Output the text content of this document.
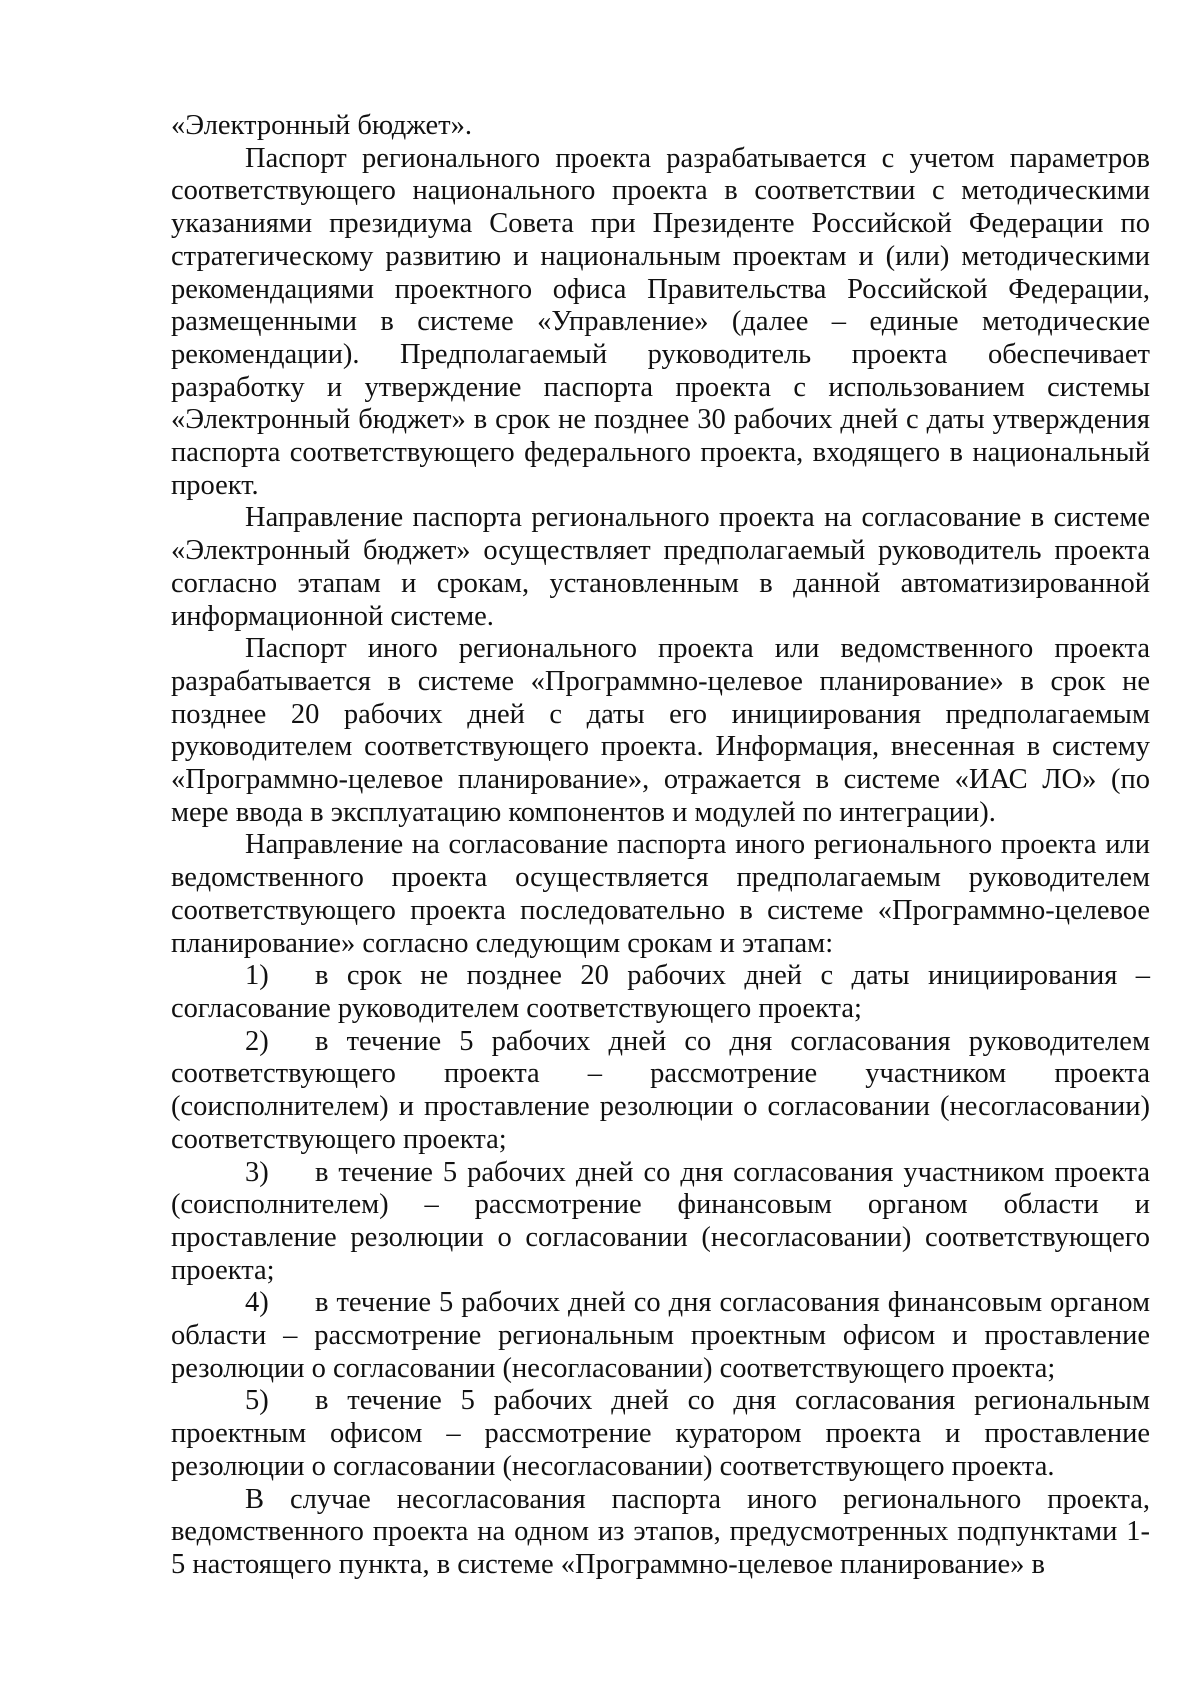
«Электронный бюджет».

Паспорт регионального проекта разрабатывается с учетом параметров соответствующего национального проекта в соответствии с методическими указаниями президиума Совета при Президенте Российской Федерации по стратегическому развитию и национальным проектам и (или) методическими рекомендациями проектного офиса Правительства Российской Федерации, размещенными в системе «Управление» (далее – единые методические рекомендации). Предполагаемый руководитель проекта обеспечивает разработку и утверждение паспорта проекта с использованием системы «Электронный бюджет» в срок не позднее 30 рабочих дней с даты утверждения паспорта соответствующего федерального проекта, входящего в национальный проект.

Направление паспорта регионального проекта на согласование в системе «Электронный бюджет» осуществляет предполагаемый руководитель проекта согласно этапам и срокам, установленным в данной автоматизированной информационной системе.

Паспорт иного регионального проекта или ведомственного проекта разрабатывается в системе «Программно-целевое планирование» в срок не позднее 20 рабочих дней с даты его инициирования предполагаемым руководителем соответствующего проекта. Информация, внесенная в систему «Программно-целевое планирование», отражается в системе «ИАС ЛО» (по мере ввода в эксплуатацию компонентов и модулей по интеграции).

Направление на согласование паспорта иного регионального проекта или ведомственного проекта осуществляется предполагаемым руководителем соответствующего проекта последовательно в системе «Программно-целевое планирование» согласно следующим срокам и этапам:

1) в срок не позднее 20 рабочих дней с даты инициирования – согласование руководителем соответствующего проекта;

2) в течение 5 рабочих дней со дня согласования руководителем соответствующего проекта – рассмотрение участником проекта (соисполнителем) и проставление резолюции о согласовании (несогласовании) соответствующего проекта;

3) в течение 5 рабочих дней со дня согласования участником проекта (соисполнителем) – рассмотрение финансовым органом области и проставление резолюции о согласовании (несогласовании) соответствующего проекта;

4) в течение 5 рабочих дней со дня согласования финансовым органом области – рассмотрение региональным проектным офисом и проставление резолюции о согласовании (несогласовании) соответствующего проекта;

5) в течение 5 рабочих дней со дня согласования региональным проектным офисом – рассмотрение куратором проекта и проставление резолюции о согласовании (несогласовании) соответствующего проекта.

В случае несогласования паспорта иного регионального проекта, ведомственного проекта на одном из этапов, предусмотренных подпунктами 1-5 настоящего пункта, в системе «Программно-целевое планирование» в
